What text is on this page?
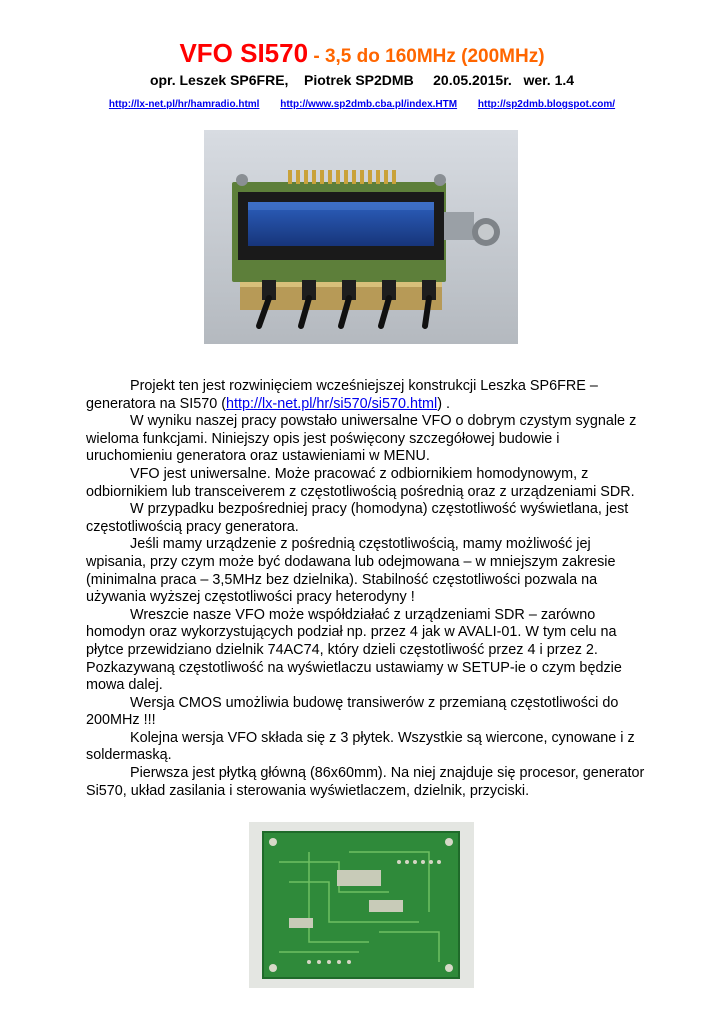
VFO SI570 - 3,5 do 160MHz (200MHz)
opr. Leszek SP6FRE,    Piotrek SP2DMB     20.05.2015r.   wer. 1.4
http://lx-net.pl/hr/hamradio.html http://www.sp2dmb.cba.pl/index.HTM http://sp2dmb.blogspot.com/

Projekt ten jest rozwinięciem wcześniejszej konstrukcji Leszka SP6FRE – generatora na SI570 (http://lx-net.pl/hr/si570/si570.html) .

W wyniku naszej pracy powstało uniwersalne VFO o dobrym czystym sygnale z wieloma funkcjami. Niniejszy opis jest poświęcony szczegółowej budowie i uruchomieniu generatora oraz ustawieniami w MENU.

VFO jest uniwersalne. Może pracować z odbiornikiem homodynowym, z odbiornikiem lub transceiverem z częstotliwością pośrednią oraz z urządzeniami SDR.

W przypadku bezpośredniej pracy (homodyna) częstotliwość wyświetlana, jest częstotliwością pracy generatora.

Jeśli mamy urządzenie z pośrednią częstotliwością, mamy możliwość jej wpisania, przy czym może być dodawana lub odejmowana – w mniejszym zakresie (minimalna praca – 3,5MHz bez dzielnika). Stabilność częstotliwości pozwala na używania wyższej częstotliwości pracy heterodyny !

Wreszcie nasze VFO może współdziałać z urządzeniami SDR – zarówno homodyn oraz wykorzystujących podział np. przez 4 jak w AVALI-01. W tym celu na płytce przewidziano dzielnik 74AC74, który dzieli częstotliwość przez 4 i przez 2. Pozkazywaną częstotliwość na wyświetlaczu ustawiamy w SETUP-ie o czym będzie mowa dalej.

Wersja CMOS umożliwia budowę transiwerów z przemianą częstotliwości do 200MHz !!!

Kolejna wersja VFO składa się z 3 płytek. Wszystkie są wiercone, cynowane i z soldermaską.

Pierwsza jest płytką główną (86x60mm). Na niej znajduje się procesor, generator Si570, układ zasilania i sterowania wyświetlaczem, dzielnik, przyciski.
